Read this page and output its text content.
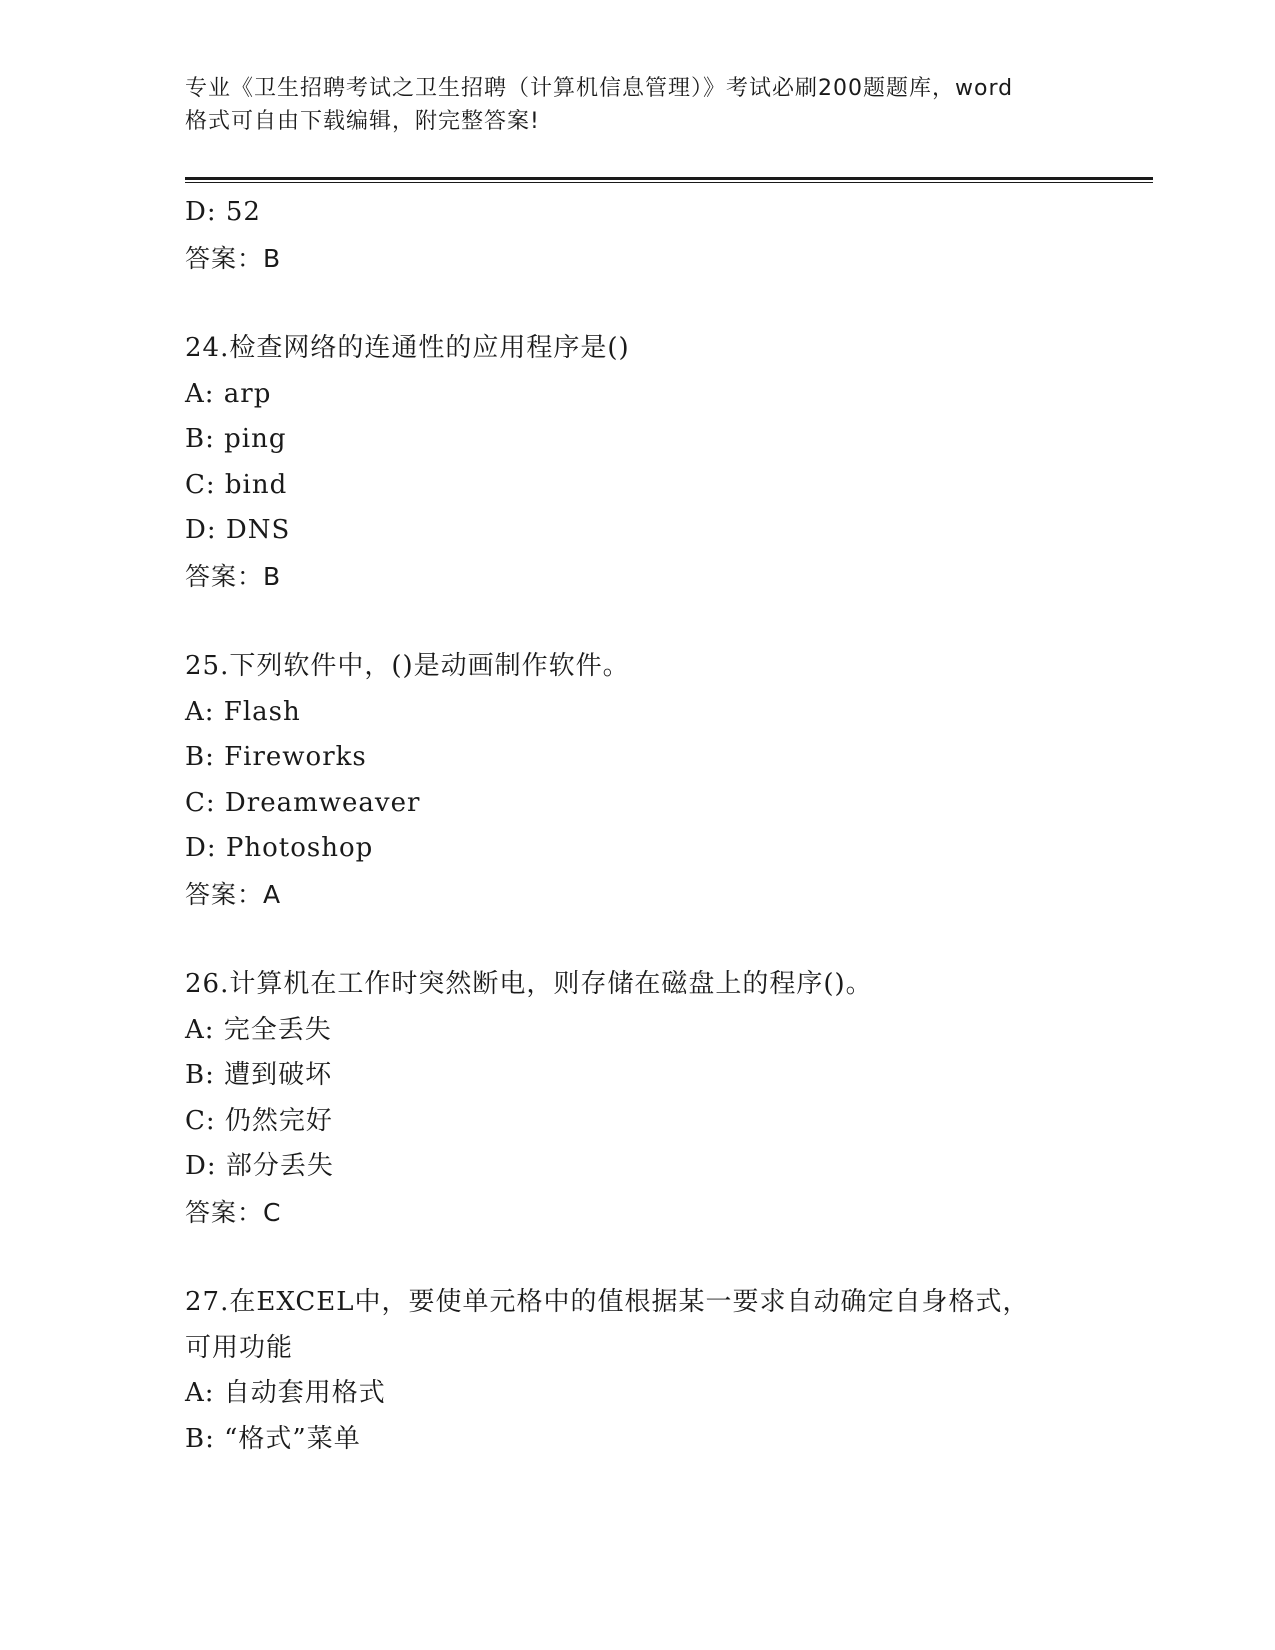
专业《卫生招聘考试之卫生招聘（计算机信息管理）》考试必刷200题题库，word
格式可自由下载编辑，附完整答案!
D: 52
答案：B
24.检查网络的连通性的应用程序是()
A: arp
B: ping
C: bind
D: DNS
答案：B
25.下列软件中，()是动画制作软件。
A: Flash
B: Fireworks
C: Dreamweaver
D: Photoshop
答案：A
26.计算机在工作时突然断电，则存储在磁盘上的程序()。
A: 完全丢失
B: 遭到破坏
C: 仍然完好
D: 部分丢失
答案：C
27.在EXCEL中，要使单元格中的值根据某一要求自动确定自身格式，
可用功能
A: 自动套用格式
B: “格式”菜单
